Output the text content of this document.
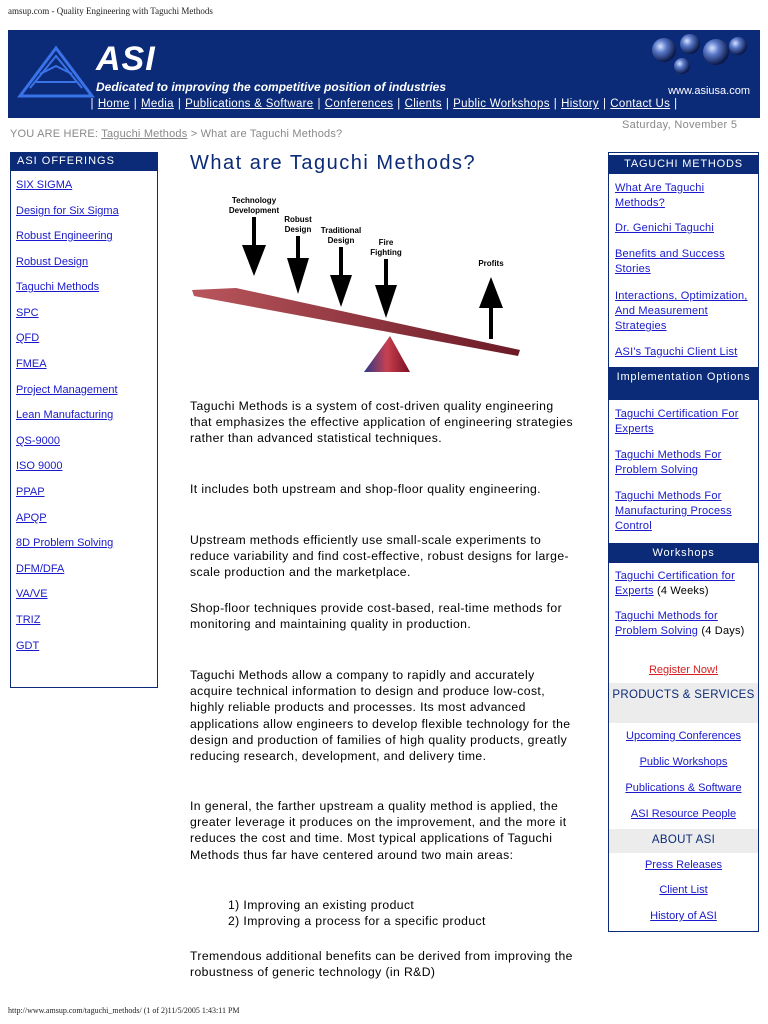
amsup.com - Quality Engineering with Taguchi Methods
ASI
Dedicated to improving the competitive position of industries	www.asiusa.com
| Home | Media | Publications & Software | Conferences | Clients | Public Workshops | History | Contact Us |
YOU ARE HERE: Taguchi Methods > What are Taguchi Methods?
Saturday, November 5
ASI OFFERINGS
SIX SIGMA
Design for Six Sigma
Robust Engineering
Robust Design
Taguchi Methods
SPC
QFD
FMEA
Project Management
Lean Manufacturing
QS-9000
ISO 9000
PPAP
APQP
8D Problem Solving
DFM/DFA
VA/VE
TRIZ
GDT
What are Taguchi Methods?
Technology
Development
Robust
Design Traditional
Design	Fire
Fighting
Profits
Taguchi Methods is a system of cost-driven quality engineering that emphasizes the effective application of engineering strategies rather than advanced statistical techniques.
It includes both upstream and shop-floor quality engineering.
Upstream methods efficiently use small-scale experiments to reduce variability and find cost-effective, robust designs for large-scale production and the marketplace.
Shop-floor techniques provide cost-based, real-time methods for monitoring and maintaining quality in production.
Taguchi Methods allow a company to rapidly and accurately acquire technical information to design and produce low-cost, highly reliable products and processes. Its most advanced applications allow engineers to develop flexible technology for the design and production of families of high quality products, greatly reducing research, development, and delivery time.
In general, the farther upstream a quality method is applied, the greater leverage it produces on the improvement, and the more it reduces the cost and time. Most typical applications of Taguchi Methods thus far have centered around two main areas:
1) Improving an existing product
2) Improving a process for a specific product
Tremendous additional benefits can be derived from improving the robustness of generic technology (in R&D)
TAGUCHI METHODS
What Are Taguchi Methods?
Dr. Genichi Taguchi
Benefits and Success Stories
Interactions, Optimization, And Measurement Strategies
ASI's Taguchi Client List
Implementation Options
Taguchi Certification For Experts
Taguchi Methods For Problem Solving
Taguchi Methods For Manufacturing Process Control
Workshops
Taguchi Certification for Experts (4 Weeks)
Taguchi Methods for Problem Solving (4 Days)
Register Now!
PRODUCTS & SERVICES
Upcoming Conferences
Public Workshops
Publications & Software
ASI Resource People
ABOUT ASI
Press Releases
Client List
History of ASI
http://www.amsup.com/taguchi_methods/ (1 of 2)11/5/2005 1:43:11 PM
